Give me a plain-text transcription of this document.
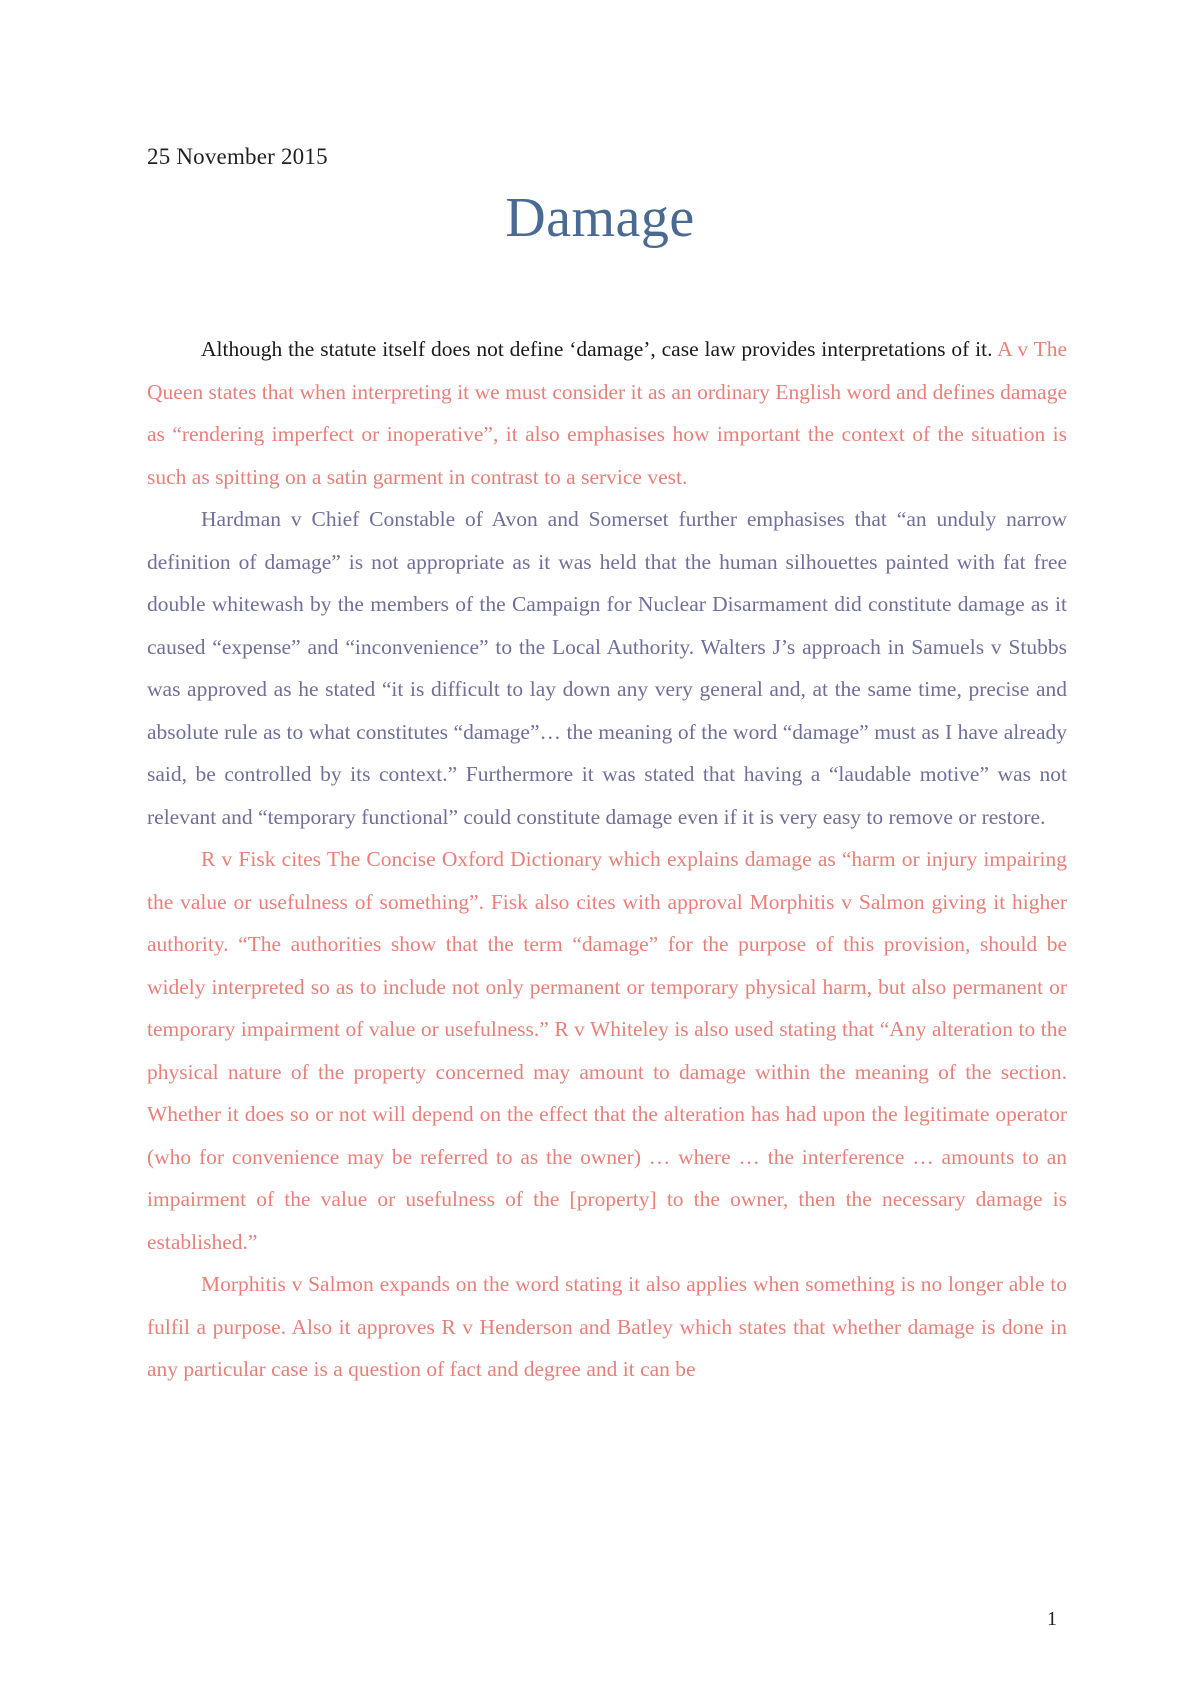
25 November 2015
Damage

Although the statute itself does not define ‘damage’, case law provides interpretations of it. A v The Queen states that when interpreting it we must consider it as an ordinary English word and defines damage as “rendering imperfect or inoperative”, it also emphasises how important the context of the situation is such as spitting on a satin garment in contrast to a service vest.

Hardman v Chief Constable of Avon and Somerset further emphasises that “an unduly narrow definition of damage” is not appropriate as it was held that the human silhouettes painted with fat free double whitewash by the members of the Campaign for Nuclear Disarmament did constitute damage as it caused “expense” and “inconvenience” to the Local Authority. Walters J’s approach in Samuels v Stubbs was approved as he stated “it is difficult to lay down any very general and, at the same time, precise and absolute rule as to what constitutes “damage”… the meaning of the word “damage” must as I have already said, be controlled by its context.” Furthermore it was stated that having a “laudable motive” was not relevant and “temporary functional” could constitute damage even if it is very easy to remove or restore.

R v Fisk cites The Concise Oxford Dictionary which explains damage as “harm or injury impairing the value or usefulness of something”. Fisk also cites with approval Morphitis v Salmon giving it higher authority. “The authorities show that the term “damage” for the purpose of this provision, should be widely interpreted so as to include not only permanent or temporary physical harm, but also permanent or temporary impairment of value or usefulness.” R v Whiteley is also used stating that “Any alteration to the physical nature of the property concerned may amount to damage within the meaning of the section. Whether it does so or not will depend on the effect that the alteration has had upon the legitimate operator (who for convenience may be referred to as the owner) … where … the interference … amounts to an impairment of the value or usefulness of the [property] to the owner, then the necessary damage is established.”

Morphitis v Salmon expands on the word stating it also applies when something is no longer able to fulfil a purpose. Also it approves R v Henderson and Batley which states that whether damage is done in any particular case is a question of fact and degree and it can be

1
